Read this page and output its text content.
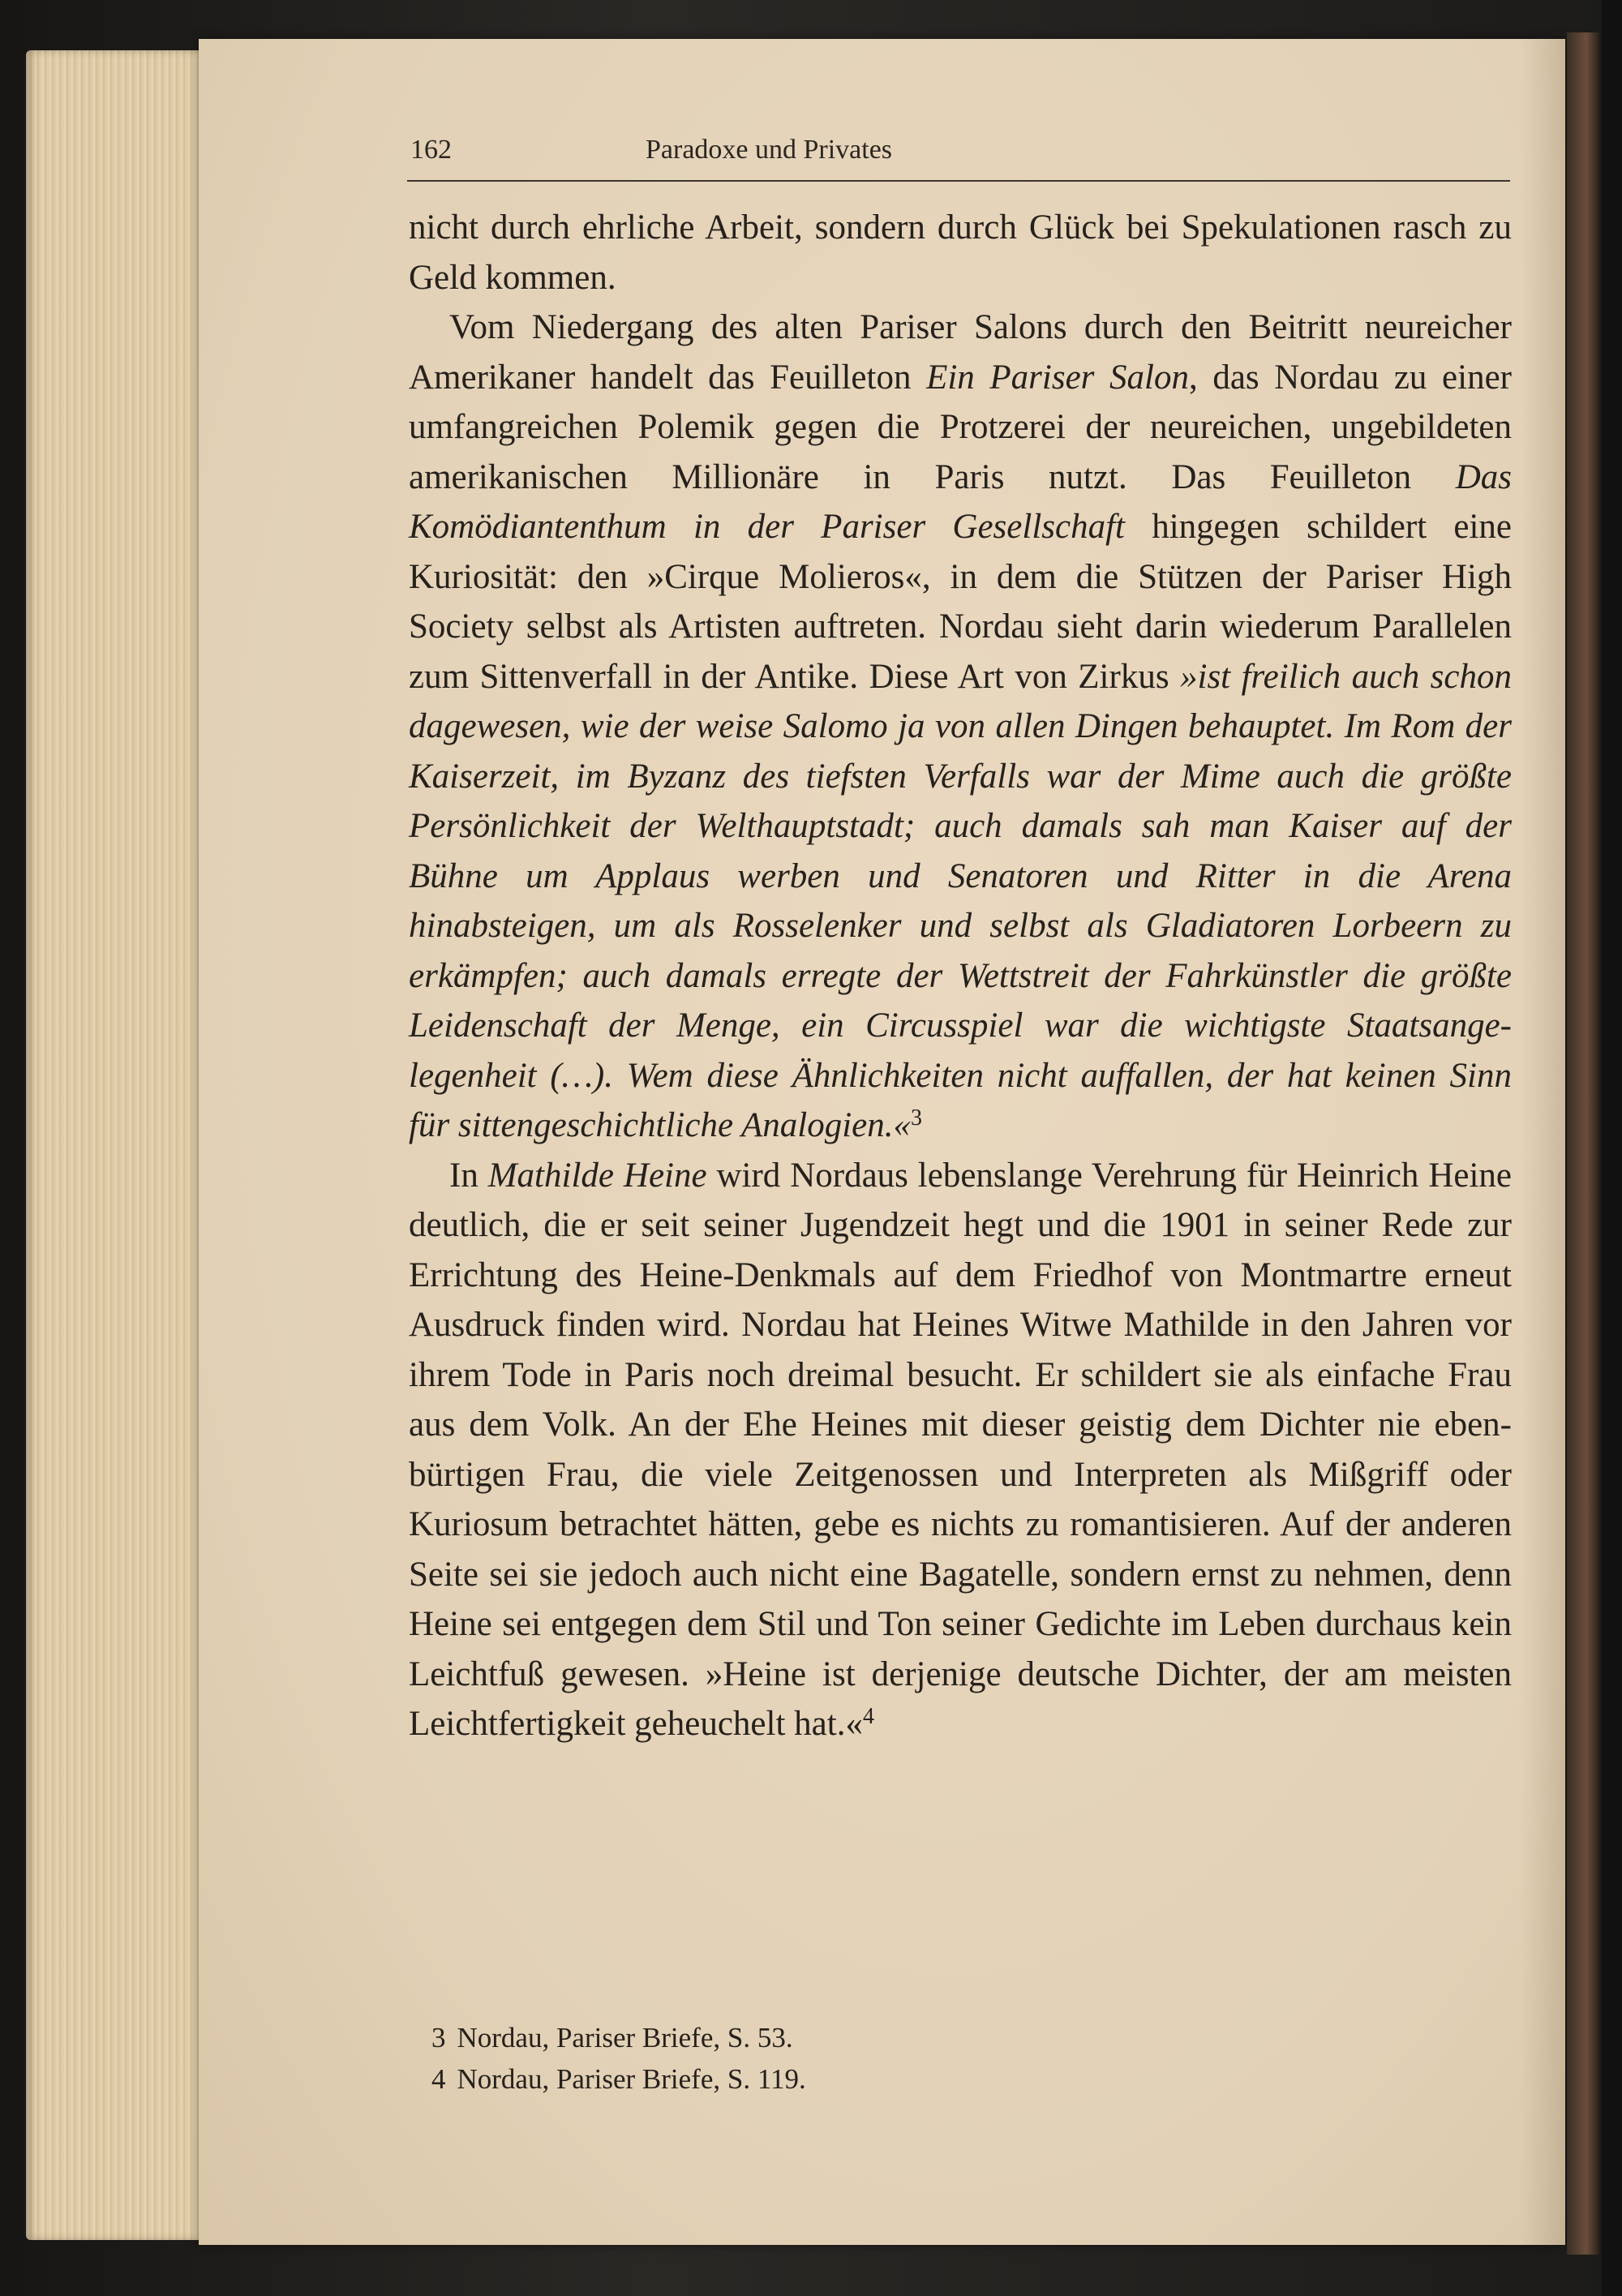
162	Paradoxe und Privates

nicht durch ehrliche Arbeit, sondern durch Glück bei Spekulationen rasch zu Geld kommen.

Vom Niedergang des alten Pariser Salons durch den Beitritt neureicher Amerikaner handelt das Feuilleton Ein Pariser Salon, das Nordau zu einer umfangreichen Polemik gegen die Protzerei der neureichen, ungebildeten amerikanischen Millionäre in Paris nutzt. Das Feuilleton Das Komödiantenthum in der Pariser Gesellschaft hingegen schildert eine Kuriosität: den »Cirque Molieros«, in dem die Stützen der Pariser High Society selbst als Artisten auftreten. Nordau sieht darin wiederum Parallelen zum Sittenverfall in der Antike. Diese Art von Zirkus »ist freilich auch schon dagewesen, wie der weise Salomo ja von allen Dingen behauptet. Im Rom der Kaiserzeit, im Byzanz des tiefsten Verfalls war der Mime auch die größte Persönlichkeit der Welthauptstadt; auch damals sah man Kaiser auf der Bühne um Applaus werben und Senatoren und Ritter in die Arena hinabsteigen, um als Rosselenker und selbst als Gladiatoren Lorbeern zu erkämpfen; auch damals erregte der Wettstreit der Fahrkünstler die größte Leidenschaft der Menge, ein Circusspiel war die wichtigste Staatsangelegenheit (…). Wem diese Ähnlichkeiten nicht auffallen, der hat keinen Sinn für sittengeschichtliche Analogien.«$^3$

In Mathilde Heine wird Nordaus lebenslange Verehrung für Heinrich Heine deutlich, die er seit seiner Jugendzeit hegt und die 1901 in seiner Rede zur Errichtung des Heine-Denkmals auf dem Friedhof von Montmartre erneut Ausdruck finden wird. Nordau hat Heines Witwe Mathilde in den Jahren vor ihrem Tode in Paris noch dreimal besucht. Er schildert sie als einfache Frau aus dem Volk. An der Ehe Heines mit dieser geistig dem Dichter nie ebenbürtigen Frau, die viele Zeitgenossen und Interpreten als Mißgriff oder Kuriosum betrachtet hätten, gebe es nichts zu romantisieren. Auf der anderen Seite sei sie jedoch auch nicht eine Bagatelle, sondern ernst zu nehmen, denn Heine sei entgegen dem Stil und Ton seiner Gedichte im Leben durchaus kein Leichtfuß gewesen. »Heine ist derjenige deutsche Dichter, der am meisten Leichtfertigkeit geheuchelt hat.«$^4$

3 Nordau, Pariser Briefe, S. 53.
4 Nordau, Pariser Briefe, S. 119.
